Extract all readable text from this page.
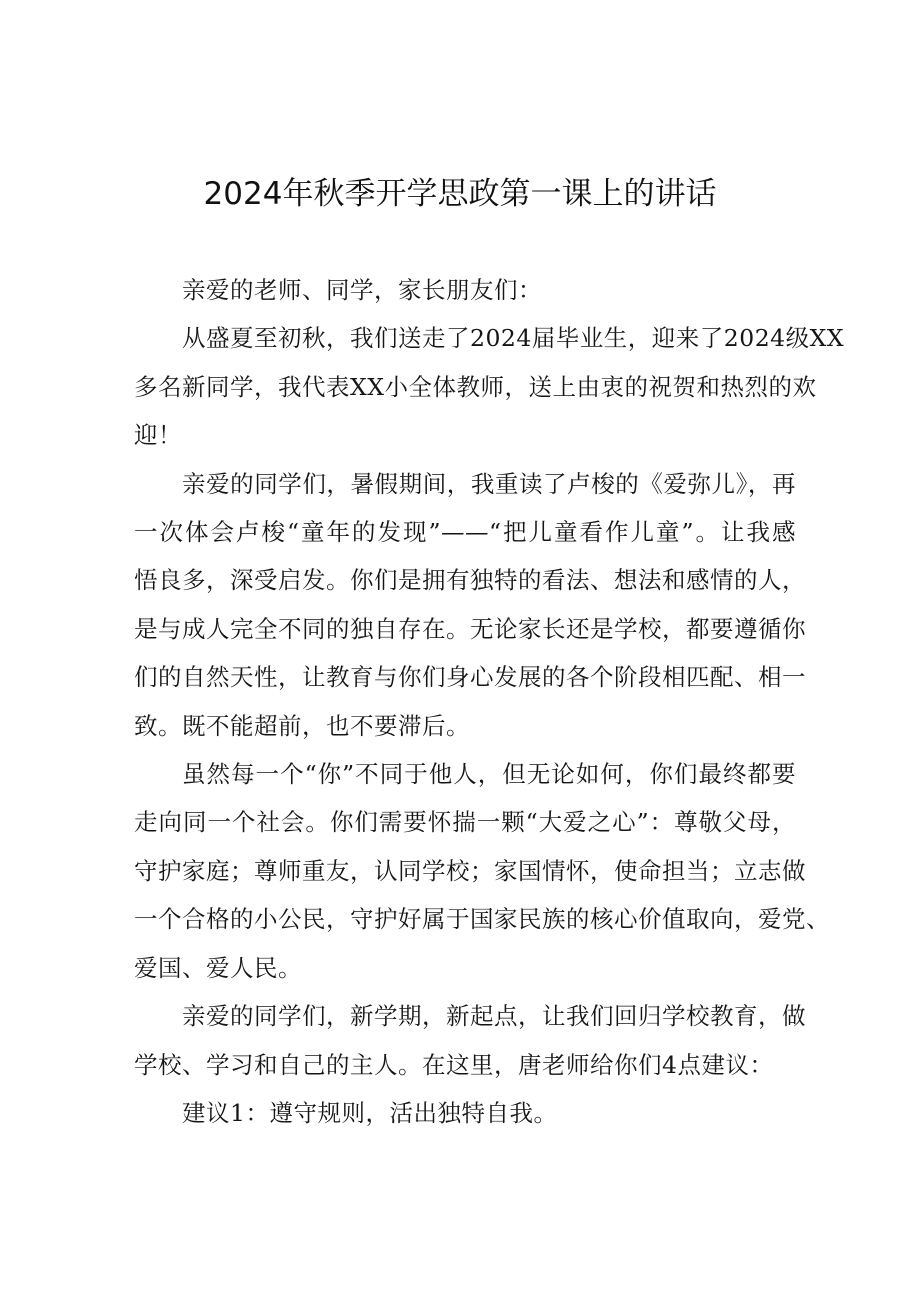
2024年秋季开学思政第一课上的讲话

亲爱的老师、同学，家长朋友们：

从盛夏至初秋，我们送走了2024届毕业生，迎来了2024级XX
多名新同学，我代表XX小全体教师，送上由衷的祝贺和热烈的欢
迎！

亲爱的同学们，暑假期间，我重读了卢梭的《爱弥儿》，再
一次体会卢梭“童年的发现”——“把儿童看作儿童”。让我感
悟良多，深受启发。你们是拥有独特的看法、想法和感情的人，
是与成人完全不同的独自存在。无论家长还是学校，都要遵循你
们的自然天性，让教育与你们身心发展的各个阶段相匹配、相一
致。既不能超前，也不要滞后。

虽然每一个“你”不同于他人，但无论如何，你们最终都要
走向同一个社会。你们需要怀揣一颗“大爱之心”：尊敬父母，
守护家庭；尊师重友，认同学校；家国情怀，使命担当；立志做
一个合格的小公民，守护好属于国家民族的核心价值取向，爱党、
爱国、爱人民。

亲爱的同学们，新学期，新起点，让我们回归学校教育，做
学校、学习和自己的主人。在这里，唐老师给你们4点建议：

建议1：遵守规则，活出独特自我。
